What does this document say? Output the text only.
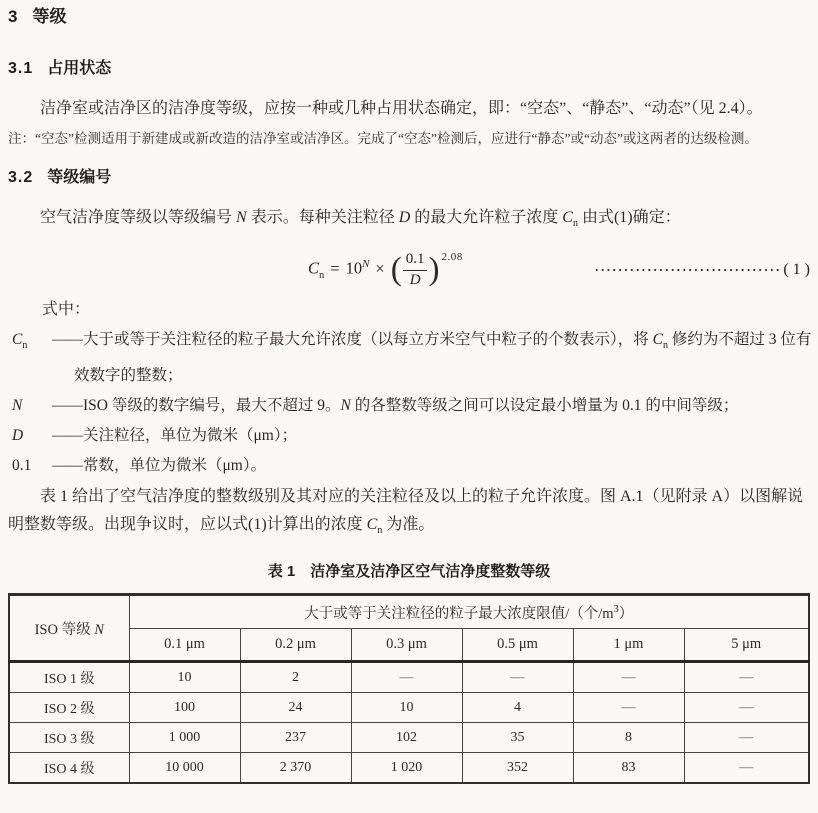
3 等级
3.1 占用状态

洁净室或洁净区的洁净度等级，应按一种或几种占用状态确定，即：“空态”、“静态”、“动态”（见 2.4）。

注：“空态”检测适用于新建成或新改造的洁净室或洁净区。完成了“空态”检测后，应进行“静态”或“动态”或这两者的达级检测。

3.2 等级编号

空气洁净度等级以等级编号 N 表示。每种关注粒径 D 的最大允许粒子浓度 $C_n$ 由式(1)确定：

$C_n = 10^N$ × ( $\frac{0.1}{D}$ ) 2.08
································ ( 1 )

式中：

$C_n$	——大于或等于关注粒径的粒子最大允许浓度（以每立方米空气中粒子的个数表示），将 $C_n$ 修约为不超过 3 位有效数字的整数；
N	——ISO 等级的数字编号，最大不超过 9。N 的各整数等级之间可以设定最小增量为 0.1 的中间等级；
D	——关注粒径，单位为微米（μm）；
0.1	——常数，单位为微米（μm）。

表 1 给出了空气洁净度的整数级别及其对应的关注粒径及以上的粒子允许浓度。图 A.1（见附录 A）以图解说明整数等级。出现争议时，应以式(1)计算出的浓度 $C_n$ 为准。

表 1　洁净室及洁净区空气洁净度整数等级
ISO 等级 N	大于或等于关注粒径的粒子最大浓度限值/（个$/m^3$）					
	0.1 μm	0.2 μm	0.3 μm	0.5 μm	1 μm	5 μm
ISO 1 级	10	2	—	—	—	—
ISO 2 级	100	24	10	4	—	—
ISO 3 级	1 000	237	102	35	8	—
ISO 4 级	10 000	2 370	1 020	352	83	—
